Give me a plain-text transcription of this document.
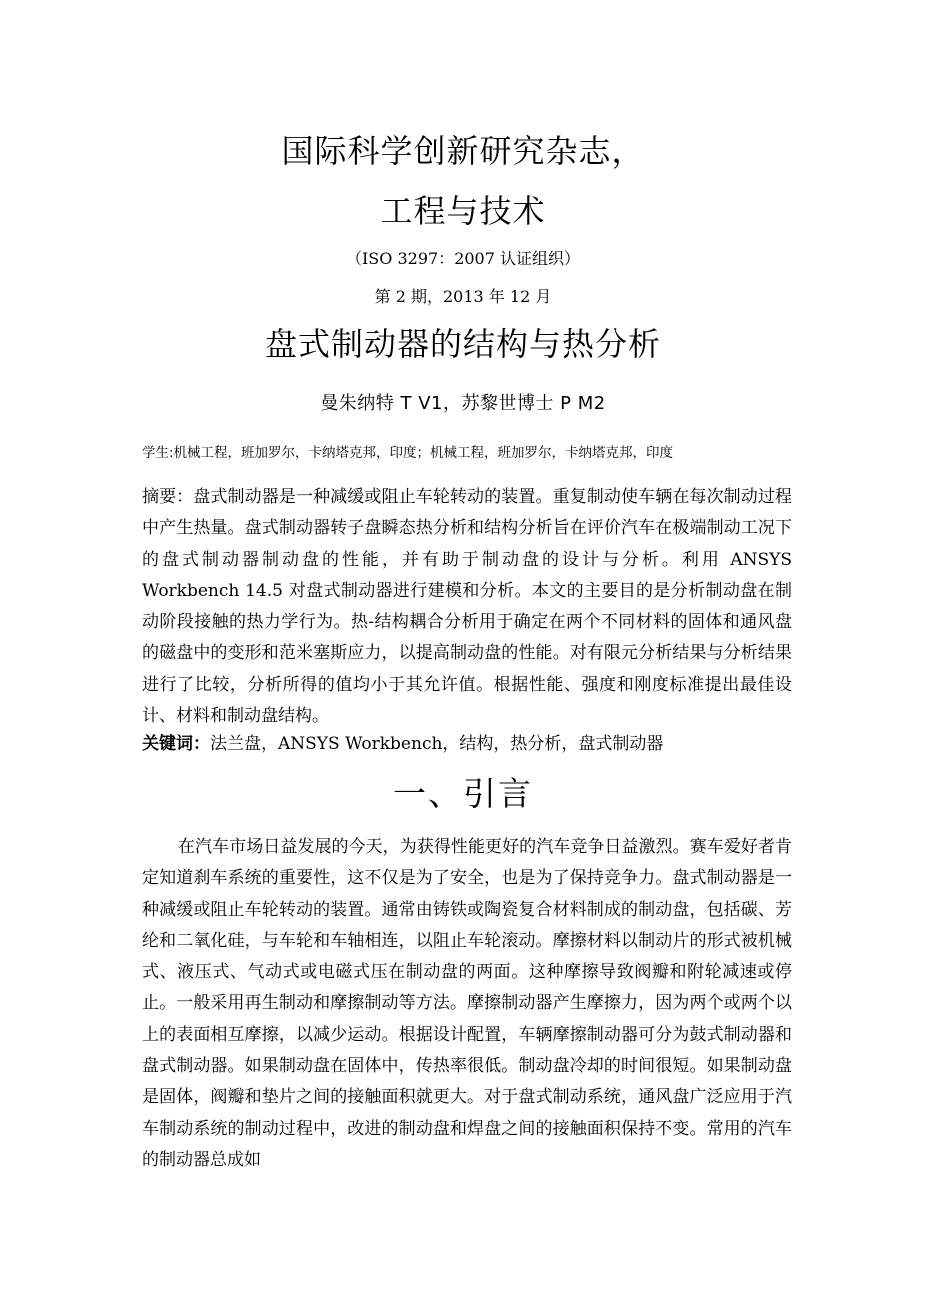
国际科学创新研究杂志，
工程与技术
（ISO 3297：2007 认证组织）
第 2 期，2013 年 12 月
盘式制动器的结构与热分析
曼朱纳特 T V1，苏黎世博士 P M2
学生:机械工程，班加罗尔，卡纳塔克邦，印度；机械工程，班加罗尔，卡纳塔克邦，印度
摘要：盘式制动器是一种减缓或阻止车轮转动的装置。重复制动使车辆在每次制动过程中产生热量。盘式制动器转子盘瞬态热分析和结构分析旨在评价汽车在极端制动工况下的盘式制动器制动盘的性能，并有助于制动盘的设计与分析。利用 ANSYS Workbench 14.5 对盘式制动器进行建模和分析。本文的主要目的是分析制动盘在制动阶段接触的热力学行为。热-结构耦合分析用于确定在两个不同材料的固体和通风盘的磁盘中的变形和范米塞斯应力，以提高制动盘的性能。对有限元分析结果与分析结果进行了比较，分析所得的值均小于其允许值。根据性能、强度和刚度标准提出最佳设计、材料和制动盘结构。
关键词：法兰盘，ANSYS Workbench，结构，热分析，盘式制动器
一、引言
在汽车市场日益发展的今天，为获得性能更好的汽车竞争日益激烈。赛车爱好者肯定知道刹车系统的重要性，这不仅是为了安全，也是为了保持竞争力。盘式制动器是一种减缓或阻止车轮转动的装置。通常由铸铁或陶瓷复合材料制成的制动盘，包括碳、芳纶和二氧化硅，与车轮和车轴相连，以阻止车轮滚动。摩擦材料以制动片的形式被机械式、液压式、气动式或电磁式压在制动盘的两面。这种摩擦导致阀瓣和附轮减速或停止。一般采用再生制动和摩擦制动等方法。摩擦制动器产生摩擦力，因为两个或两个以上的表面相互摩擦，以减少运动。根据设计配置，车辆摩擦制动器可分为鼓式制动器和盘式制动器。如果制动盘在固体中，传热率很低。制动盘冷却的时间很短。如果制动盘是固体，阀瓣和垫片之间的接触面积就更大。对于盘式制动系统，通风盘广泛应用于汽车制动系统的制动过程中，改进的制动盘和焊盘之间的接触面积保持不变。常用的汽车的制动器总成如
